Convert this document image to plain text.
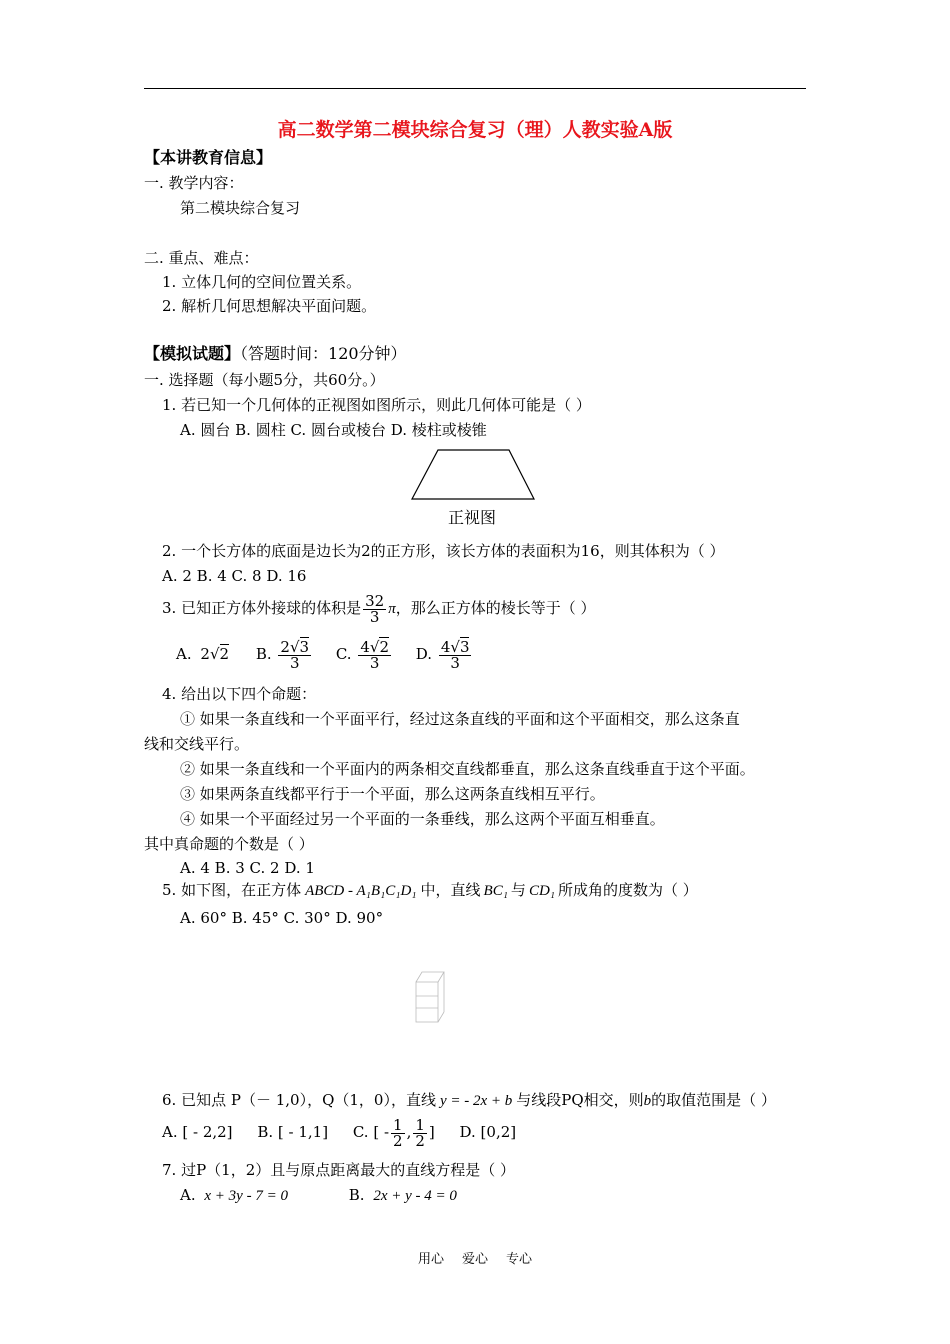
高二数学第二模块综合复习（理）人教实验A版
【本讲教育信息】
一. 教学内容：
第二模块综合复习
二. 重点、难点：
1. 立体几何的空间位置关系。
2. 解析几何思想解决平面问题。
【模拟试题】（答题时间：120分钟）
一. 选择题（每小题5分，共60分。）
1. 若已知一个几何体的正视图如图所示，则此几何体可能是（ ）
A. 圆台 B. 圆柱 C. 圆台或棱台 D. 棱柱或棱锥
正视图
2. 一个长方体的底面是边长为2的正方形，该长方体的表面积为16，则其体积为（ ）
A. 2 B. 4 C. 8 D. 16
3. 已知正方体外接球的体积是 $\frac{32}{3}$ π，那么正方体的棱长等于（ ）
A. 2√2 B. $\frac{2√3}{3} C$. $\frac{4√2}{3} D$. $\frac{4√3}{3}$
4. 给出以下四个命题：
① 如果一条直线和一个平面平行，经过这条直线的平面和这个平面相交，那么这条直
线和交线平行。
② 如果一条直线和一个平面内的两条相交直线都垂直，那么这条直线垂直于这个平面。
③ 如果两条直线都平行于一个平面，那么这两条直线相互平行。
④ 如果一个平面经过另一个平面的一条垂线，那么这两个平面互相垂直。
其中真命题的个数是（ ）
A. 4 B. 3 C. 2 D. 1
5. 如下图，在正方体 ABCD - A₁B₁C₁D₁ 中，直线 BC₁ 与 CD₁ 所成角的度数为（ ）
A. 60° B. 45° C. 30° D. 90°
6. 已知点 P（－ 1,0），Q（1，0），直线 y = - 2x + b 与线段PQ相交，则b的取值范围是（ ）
A. [ - 2,2] B. [ - 1,1] C. [ - $\frac{1}{2}$ , $\frac{1}{2}$ ] D. [0,2]
7. 过P（1，2）且与原点距离最大的直线方程是（ ）
A. x + 3y - 7 = 0	B. 2x + y - 4 = 0
用心 爱心 专心
